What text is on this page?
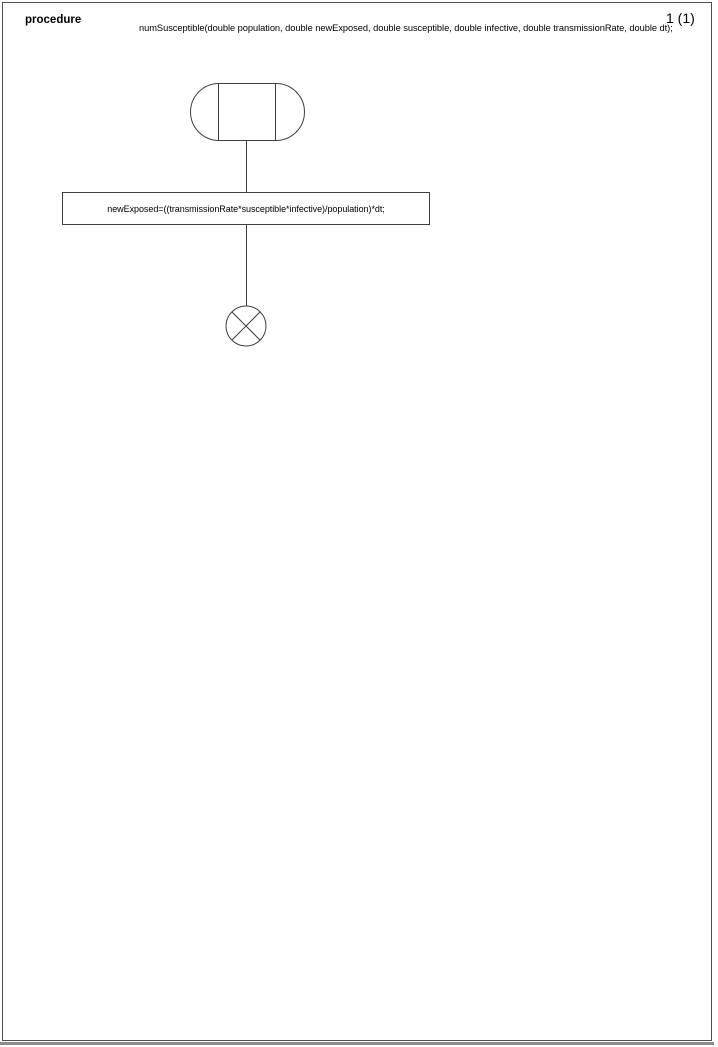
procedure
numSusceptible(double population, double newExposed, double susceptible, double infective, double transmissionRate, double dt);
1 (1)
newExposed=((transmissionRate*susceptible*infective)/population)*dt;
